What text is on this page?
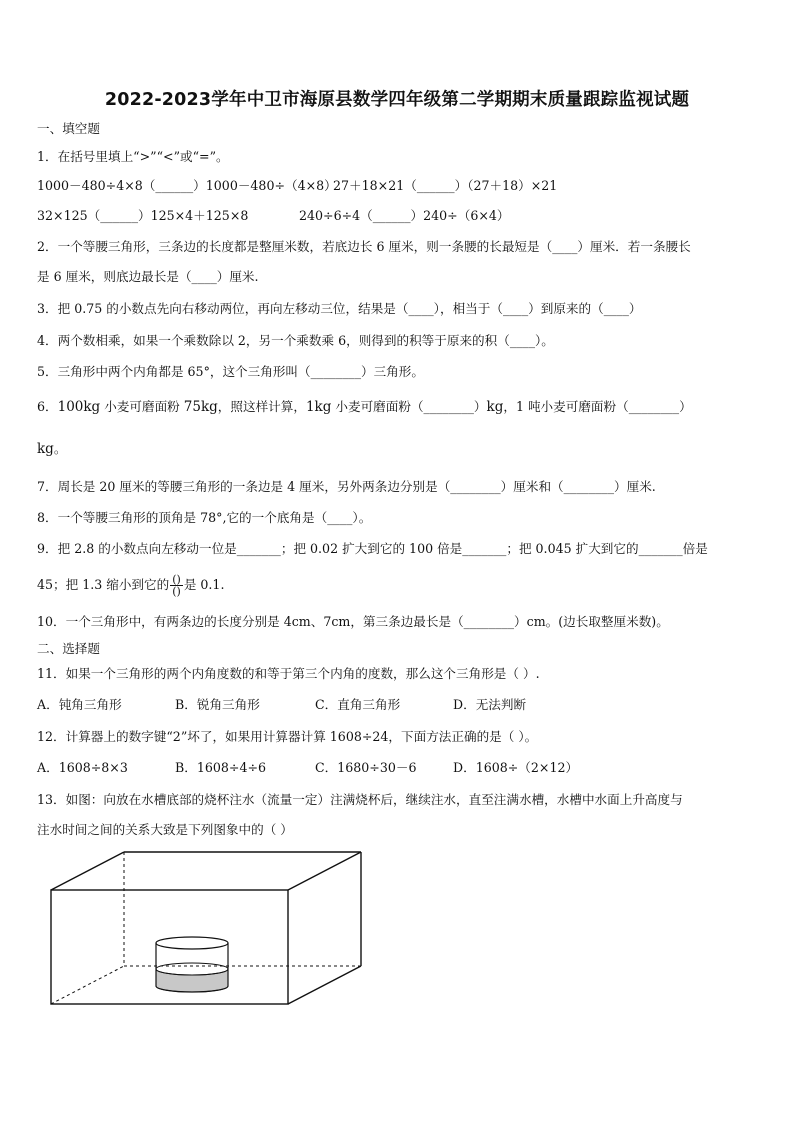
2022-2023学年中卫市海原县数学四年级第二学期期末质量跟踪监视试题
一、填空题
1．在括号里填上“>”“<”或“=”。
1000－480÷4×8（______）1000－480÷（4×8）
27＋18×21（______）（27＋18）×21
32×125（______）125×4＋125×8	240÷6÷4（______）240÷（6×4）
2．一个等腰三角形，三条边的长度都是整厘米数，若底边长 6 厘米，则一条腰的长最短是（____）厘米．若一条腰长
是 6 厘米，则底边最长是（____）厘米.
3．把 0.75 的小数点先向右移动两位，再向左移动三位，结果是（____），相当于（____）到原来的（____）
4．两个数相乘，如果一个乘数除以 2，另一个乘数乘 6，则得到的积等于原来的积（____）。
5．三角形中两个内角都是 65°，这个三角形叫（________）三角形。
6．100kg 小麦可磨面粉 75kg，照这样计算，1kg 小麦可磨面粉（________）kg，1 吨小麦可磨面粉（________）
kg。
7．周长是 20 厘米的等腰三角形的一条边是 4 厘米，另外两条边分别是（________）厘米和（________）厘米.
8．一个等腰三角形的顶角是 78°,它的一个底角是（____）。
9．把 2.8 的小数点向左移动一位是_______；把 0.02 扩大到它的 100 倍是_______；把 0.045 扩大到它的_______倍是
45；把 1.3 缩小到它的 $\frac{()}{()}$ 是 0.1.
10．一个三角形中，有两条边的长度分别是 4cm、7cm，第三条边最长是（________）cm。(边长取整厘米数)。
二、选择题
11．如果一个三角形的两个内角度数的和等于第三个内角的度数，那么这个三角形是（ ）.
A．钝角三角形	B．锐角三角形	C．直角三角形	D．无法判断
12．计算器上的数字键“2”坏了，如果用计算器计算 1608÷24，下面方法正确的是（ ）。
A．1608÷8×3	B．1608÷4÷6	C．1680÷30－6	D．1608÷（2×12）
13．如图：向放在水槽底部的烧杯注水（流量一定）注满烧杯后，继续注水，直至注满水槽，水槽中水面上升高度与
注水时间之间的关系大致是下列图象中的（ ）
